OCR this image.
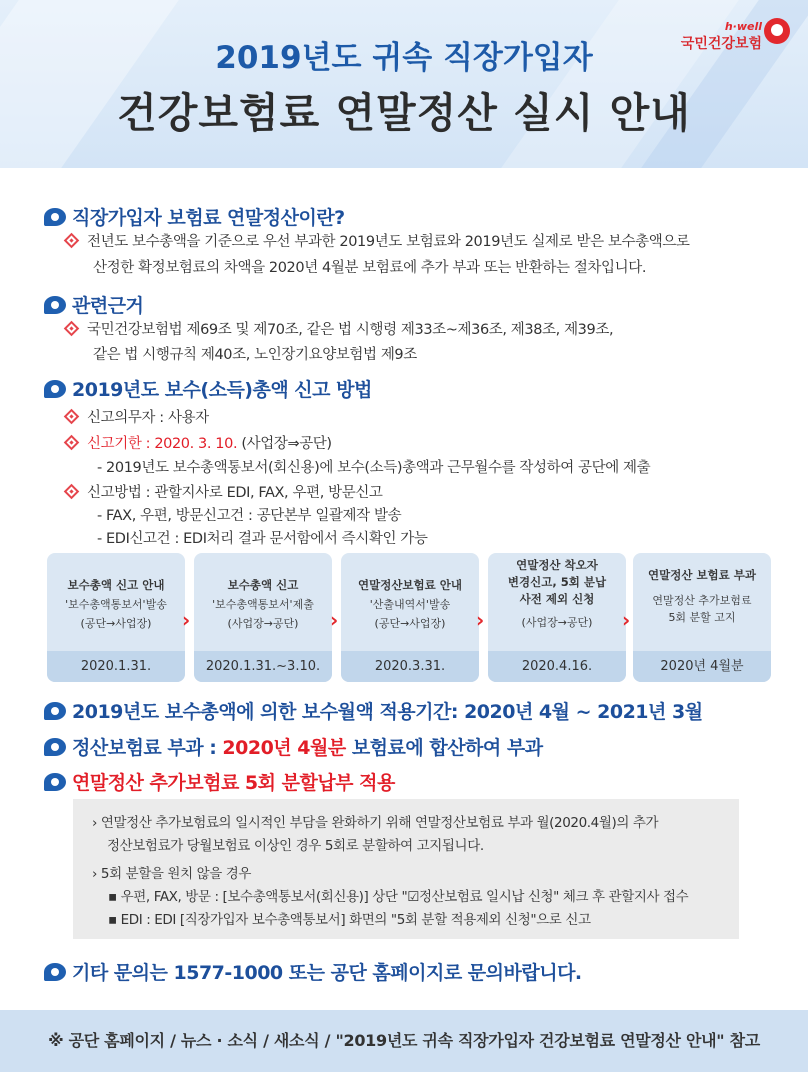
2019년도 귀속 직장가입자
건강보험료 연말정산 실시 안내
h·well
국민건강보험
직장가입자 보험료 연말정산이란?
전년도 보수총액을 기준으로 우선 부과한 2019년도 보험료와 2019년도 실제로 받은 보수총액으로
산정한 확정보험료의 차액을 2020년 4월분 보험료에 추가 부과 또는 반환하는 절차입니다.
관련근거
국민건강보험법 제69조 및 제70조, 같은 법 시행령 제33조~제36조, 제38조, 제39조,
같은 법 시행규칙 제40조, 노인장기요양보험법 제9조
2019년도 보수(소득)총액 신고 방법
신고의무자 : 사용자
신고기한 : 2020. 3. 10. (사업장⇒공단)
- 2019년도 보수총액통보서(회신용)에 보수(소득)총액과 근무월수를 작성하여 공단에 제출
신고방법 : 관할지사로 EDI, FAX, 우편, 방문신고
- FAX, 우편, 방문신고건 : 공단본부 일괄제작 발송
- EDI신고건 : EDI처리 결과 문서함에서 즉시확인 가능
보수총액 신고 안내
'보수총액통보서'발송
(공단→사업장)
2020.1.31.
›
보수총액 신고
'보수총액통보서'제출
(사업장→공단)
2020.1.31.~3.10.
›
연말정산보험료 안내
'산출내역서'발송
(공단→사업장)
2020.3.31.
›
연말정산 착오자
변경신고, 5회 분납
사전 제외 신청
(사업장→공단)
2020.4.16.
›
연말정산 보험료 부과
연말정산 추가보험료
5회 분할 고지
2020년 4월분
2019년도 보수총액에 의한 보수월액 적용기간: 2020년 4월 ~ 2021년 3월
정산보험료 부과 : 2020년 4월분 보험료에 합산하여 부과
연말정산 추가보험료 5회 분할납부 적용
› 연말정산 추가보험료의 일시적인 부담을 완화하기 위해 연말정산보험료 부과 월(2020.4월)의 추가
정산보험료가 당월보험료 이상인 경우 5회로 분할하여 고지됩니다.
› 5회 분할을 원치 않을 경우
▪ 우편, FAX, 방문 : [보수총액통보서(회신용)] 상단 "☑정산보험료 일시납 신청" 체크 후 관할지사 접수
▪ EDI : EDI [직장가입자 보수총액통보서] 화면의 "5회 분할 적용제외 신청"으로 신고
기타 문의는 1577-1000 또는 공단 홈페이지로 문의바랍니다.
※ 공단 홈페이지 / 뉴스 · 소식 / 새소식 / "2019년도 귀속 직장가입자 건강보험료 연말정산 안내" 참고
